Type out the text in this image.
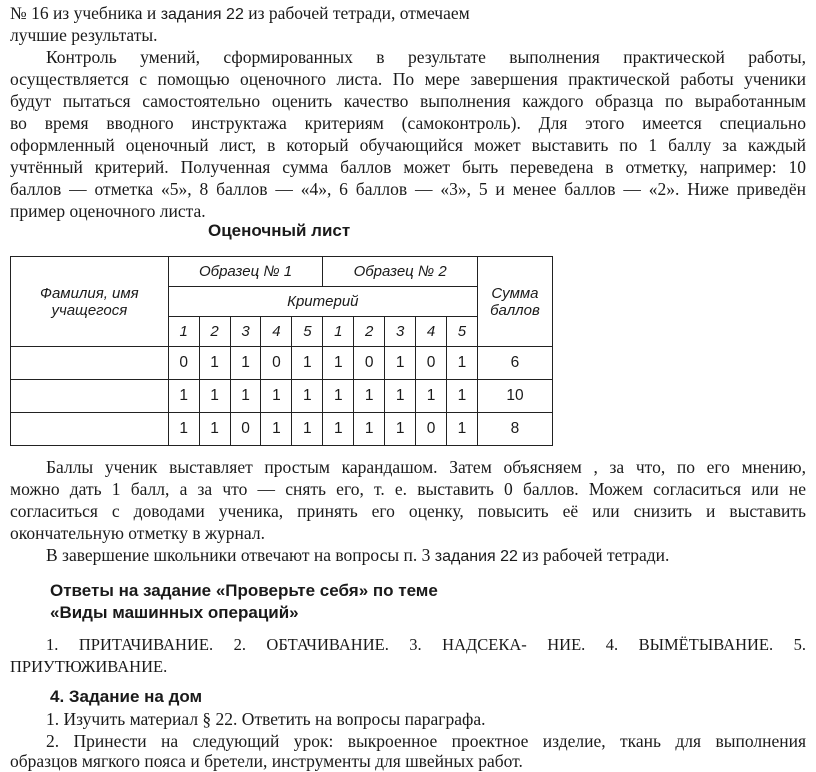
№ 16 из учебника и задания 22 из рабочей тетради, отмечаем
лучшие результаты.
Контроль умений, сформированных в результате выполнения практической работы,
осуществляется с помощью оценочного листа. По мере завершения практической работы ученики
будут пытаться самостоятельно оценить качество выполнения каждого образца по выработанным
во время вводного инструктажа критериям (самоконтроль). Для этого имеется специально
оформленный оценочный лист, в который обучающийся может выставить по 1 баллу за каждый
учтённый критерий. Полученная сумма баллов может быть переведена в отметку, например: 10
баллов — отметка «5», 8 баллов — «4», 6 баллов — «3», 5 и менее баллов — «2». Ниже приведён
пример оценочного листа.
Оценочный лист
Фамилия, имя учащегося	Образец № 1					Образец № 2					Сумма баллов
	Критерий										
	1	2	3	4	5	1	2	3	4	5	
	0	1	1	0	1	1	0	1	0	1	6
	1	1	1	1	1	1	1	1	1	1	10
	1	1	0	1	1	1	1	1	0	1	8
Баллы ученик выставляет простым карандашом. Затем объясняем , за что, по его мнению,
можно дать 1 балл, а за что — снять его, т. е. выставить 0 баллов. Можем согласиться или не
согласиться с доводами ученика, принять его оценку, повысить её или снизить и выставить
окончательную отметку в журнал.
В завершение школьники отвечают на вопросы п. 3 задания 22 из рабочей тетради.
Ответы на задание «Проверьте себя» по теме
«Виды машинных операций»
1. ПРИТАЧИВАНИЕ. 2. ОБТАЧИВАНИЕ. 3. НАДСЕКА- НИЕ. 4. ВЫМЁТЫВАНИЕ. 5.
ПРИУТЮЖИВАНИЕ.
4. Задание на дом
1. Изучить материал § 22. Ответить на вопросы параграфа.
2. Принести на следующий урок: выкроенное проектное изделие, ткань для выполнения
образцов мягкого пояса и бретели, инструменты для швейных работ.
